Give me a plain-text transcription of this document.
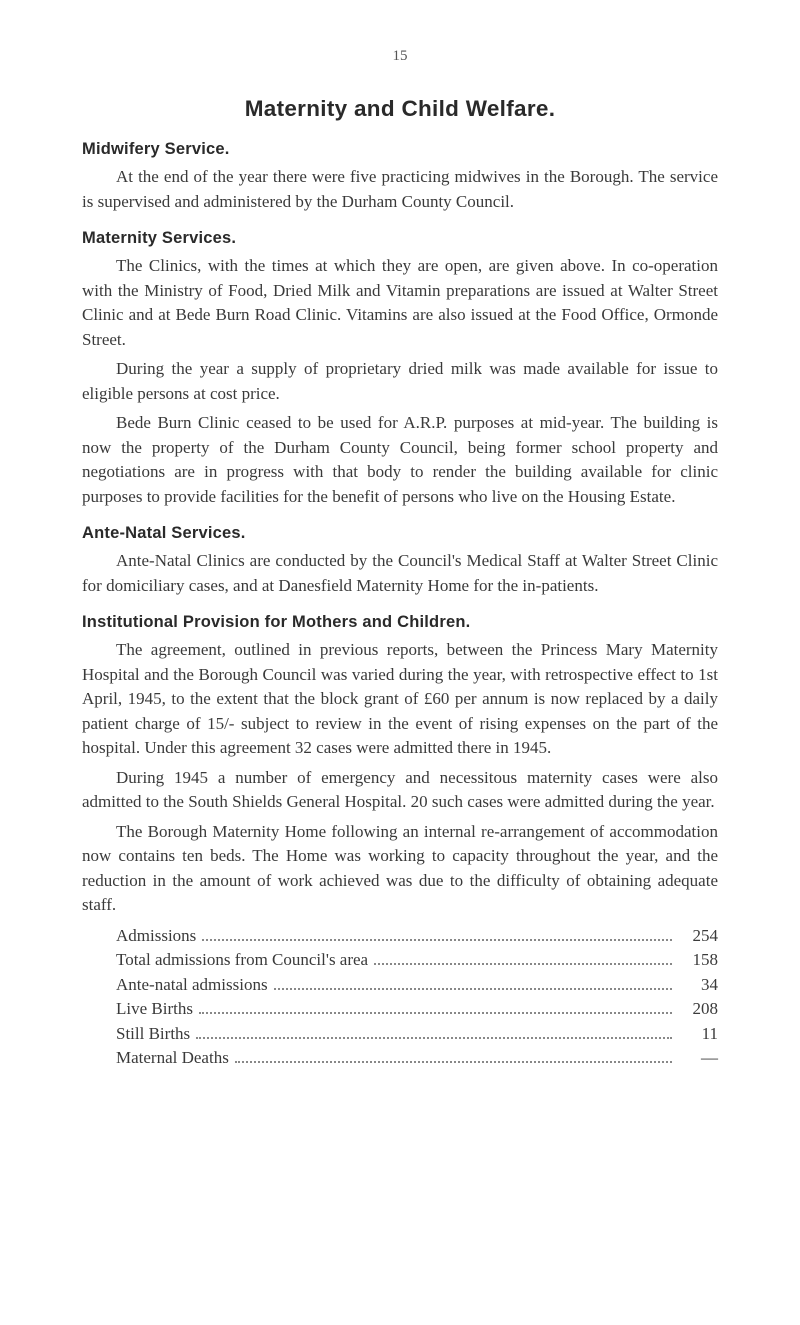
15
Maternity and Child Welfare.
Midwifery Service.

At the end of the year there were five practicing midwives in the Borough. The service is supervised and administered by the Durham County Council.

Maternity Services.

The Clinics, with the times at which they are open, are given above. In co-operation with the Ministry of Food, Dried Milk and Vitamin preparations are issued at Walter Street Clinic and at Bede Burn Road Clinic. Vitamins are also issued at the Food Office, Ormonde Street.

During the year a supply of proprietary dried milk was made available for issue to eligible persons at cost price.

Bede Burn Clinic ceased to be used for A.R.P. purposes at mid-year. The building is now the property of the Durham County Council, being former school property and negotiations are in progress with that body to render the building available for clinic purposes to provide facilities for the benefit of persons who live on the Housing Estate.

Ante-Natal Services.

Ante-Natal Clinics are conducted by the Council's Medical Staff at Walter Street Clinic for domiciliary cases, and at Danesfield Maternity Home for the in-patients.

Institutional Provision for Mothers and Children.

The agreement, outlined in previous reports, between the Princess Mary Maternity Hospital and the Borough Council was varied during the year, with retrospective effect to 1st April, 1945, to the extent that the block grant of £60 per annum is now replaced by a daily patient charge of 15/- subject to review in the event of rising expenses on the part of the hospital. Under this agreement 32 cases were admitted there in 1945.

During 1945 a number of emergency and necessitous maternity cases were also admitted to the South Shields General Hospital. 20 such cases were admitted during the year.

The Borough Maternity Home following an internal re-arrangement of accommodation now contains ten beds. The Home was working to capacity throughout the year, and the reduction in the amount of work achieved was due to the difficulty of obtaining adequate staff.

Admissions	254
Total admissions from Council's area	158
Ante-natal admissions	34
Live Births	208
Still Births	11
Maternal Deaths	—
